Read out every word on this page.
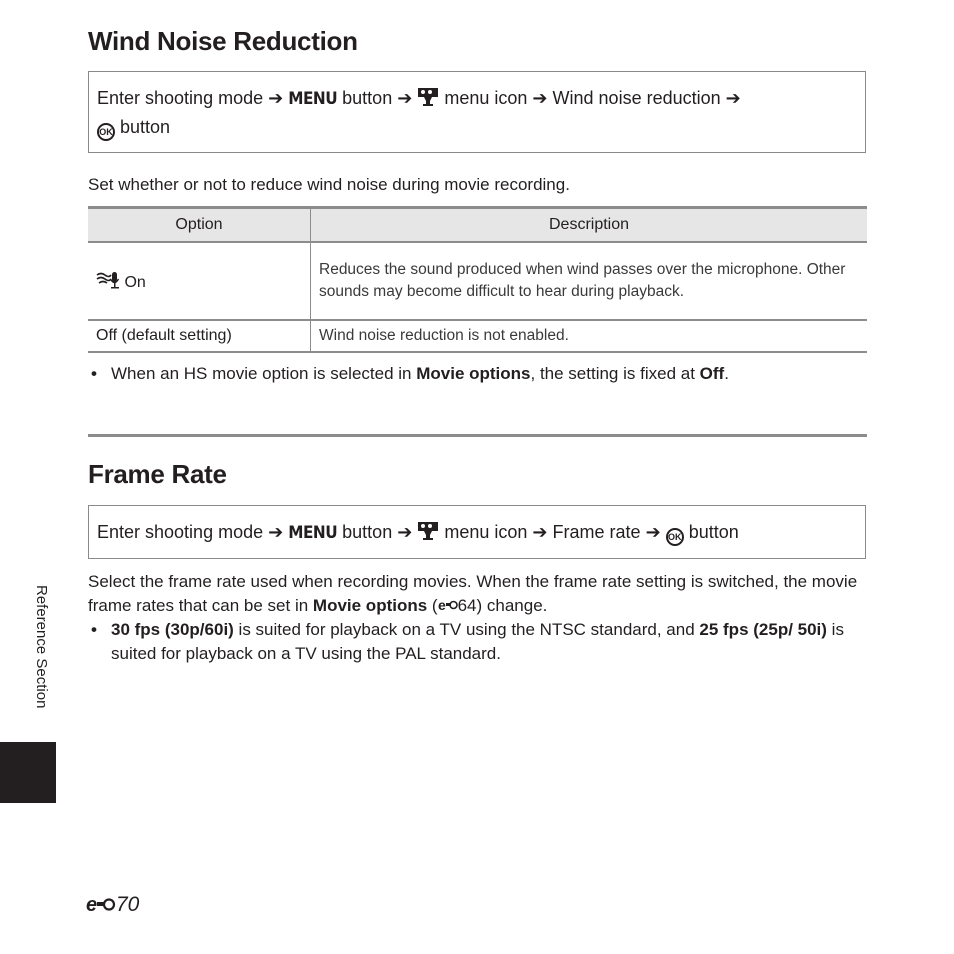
Wind Noise Reduction
Enter shooting mode ➔ MENU button ➔ menu icon ➔ Wind noise reduction ➔
OK button
Set whether or not to reduce wind noise during movie recording.
Option	Description
On	Reduces the sound produced when wind passes over the microphone. Other sounds may become difficult to hear during playback.
Off (default setting)	Wind noise reduction is not enabled.
• When an HS movie option is selected in Movie options, the setting is fixed at Off.
Frame Rate
Enter shooting mode ➔ MENU button ➔ menu icon ➔ Frame rate ➔ OK button
Select the frame rate used when recording movies. When the frame rate setting is switched, the movie frame rates that can be set in Movie options ( e 64) change.
• 30 fps (30p/60i) is suited for playback on a TV using the NTSC standard, and 25 fps (25p/ 50i) is suited for playback on a TV using the PAL standard.
Reference Section
e 70
